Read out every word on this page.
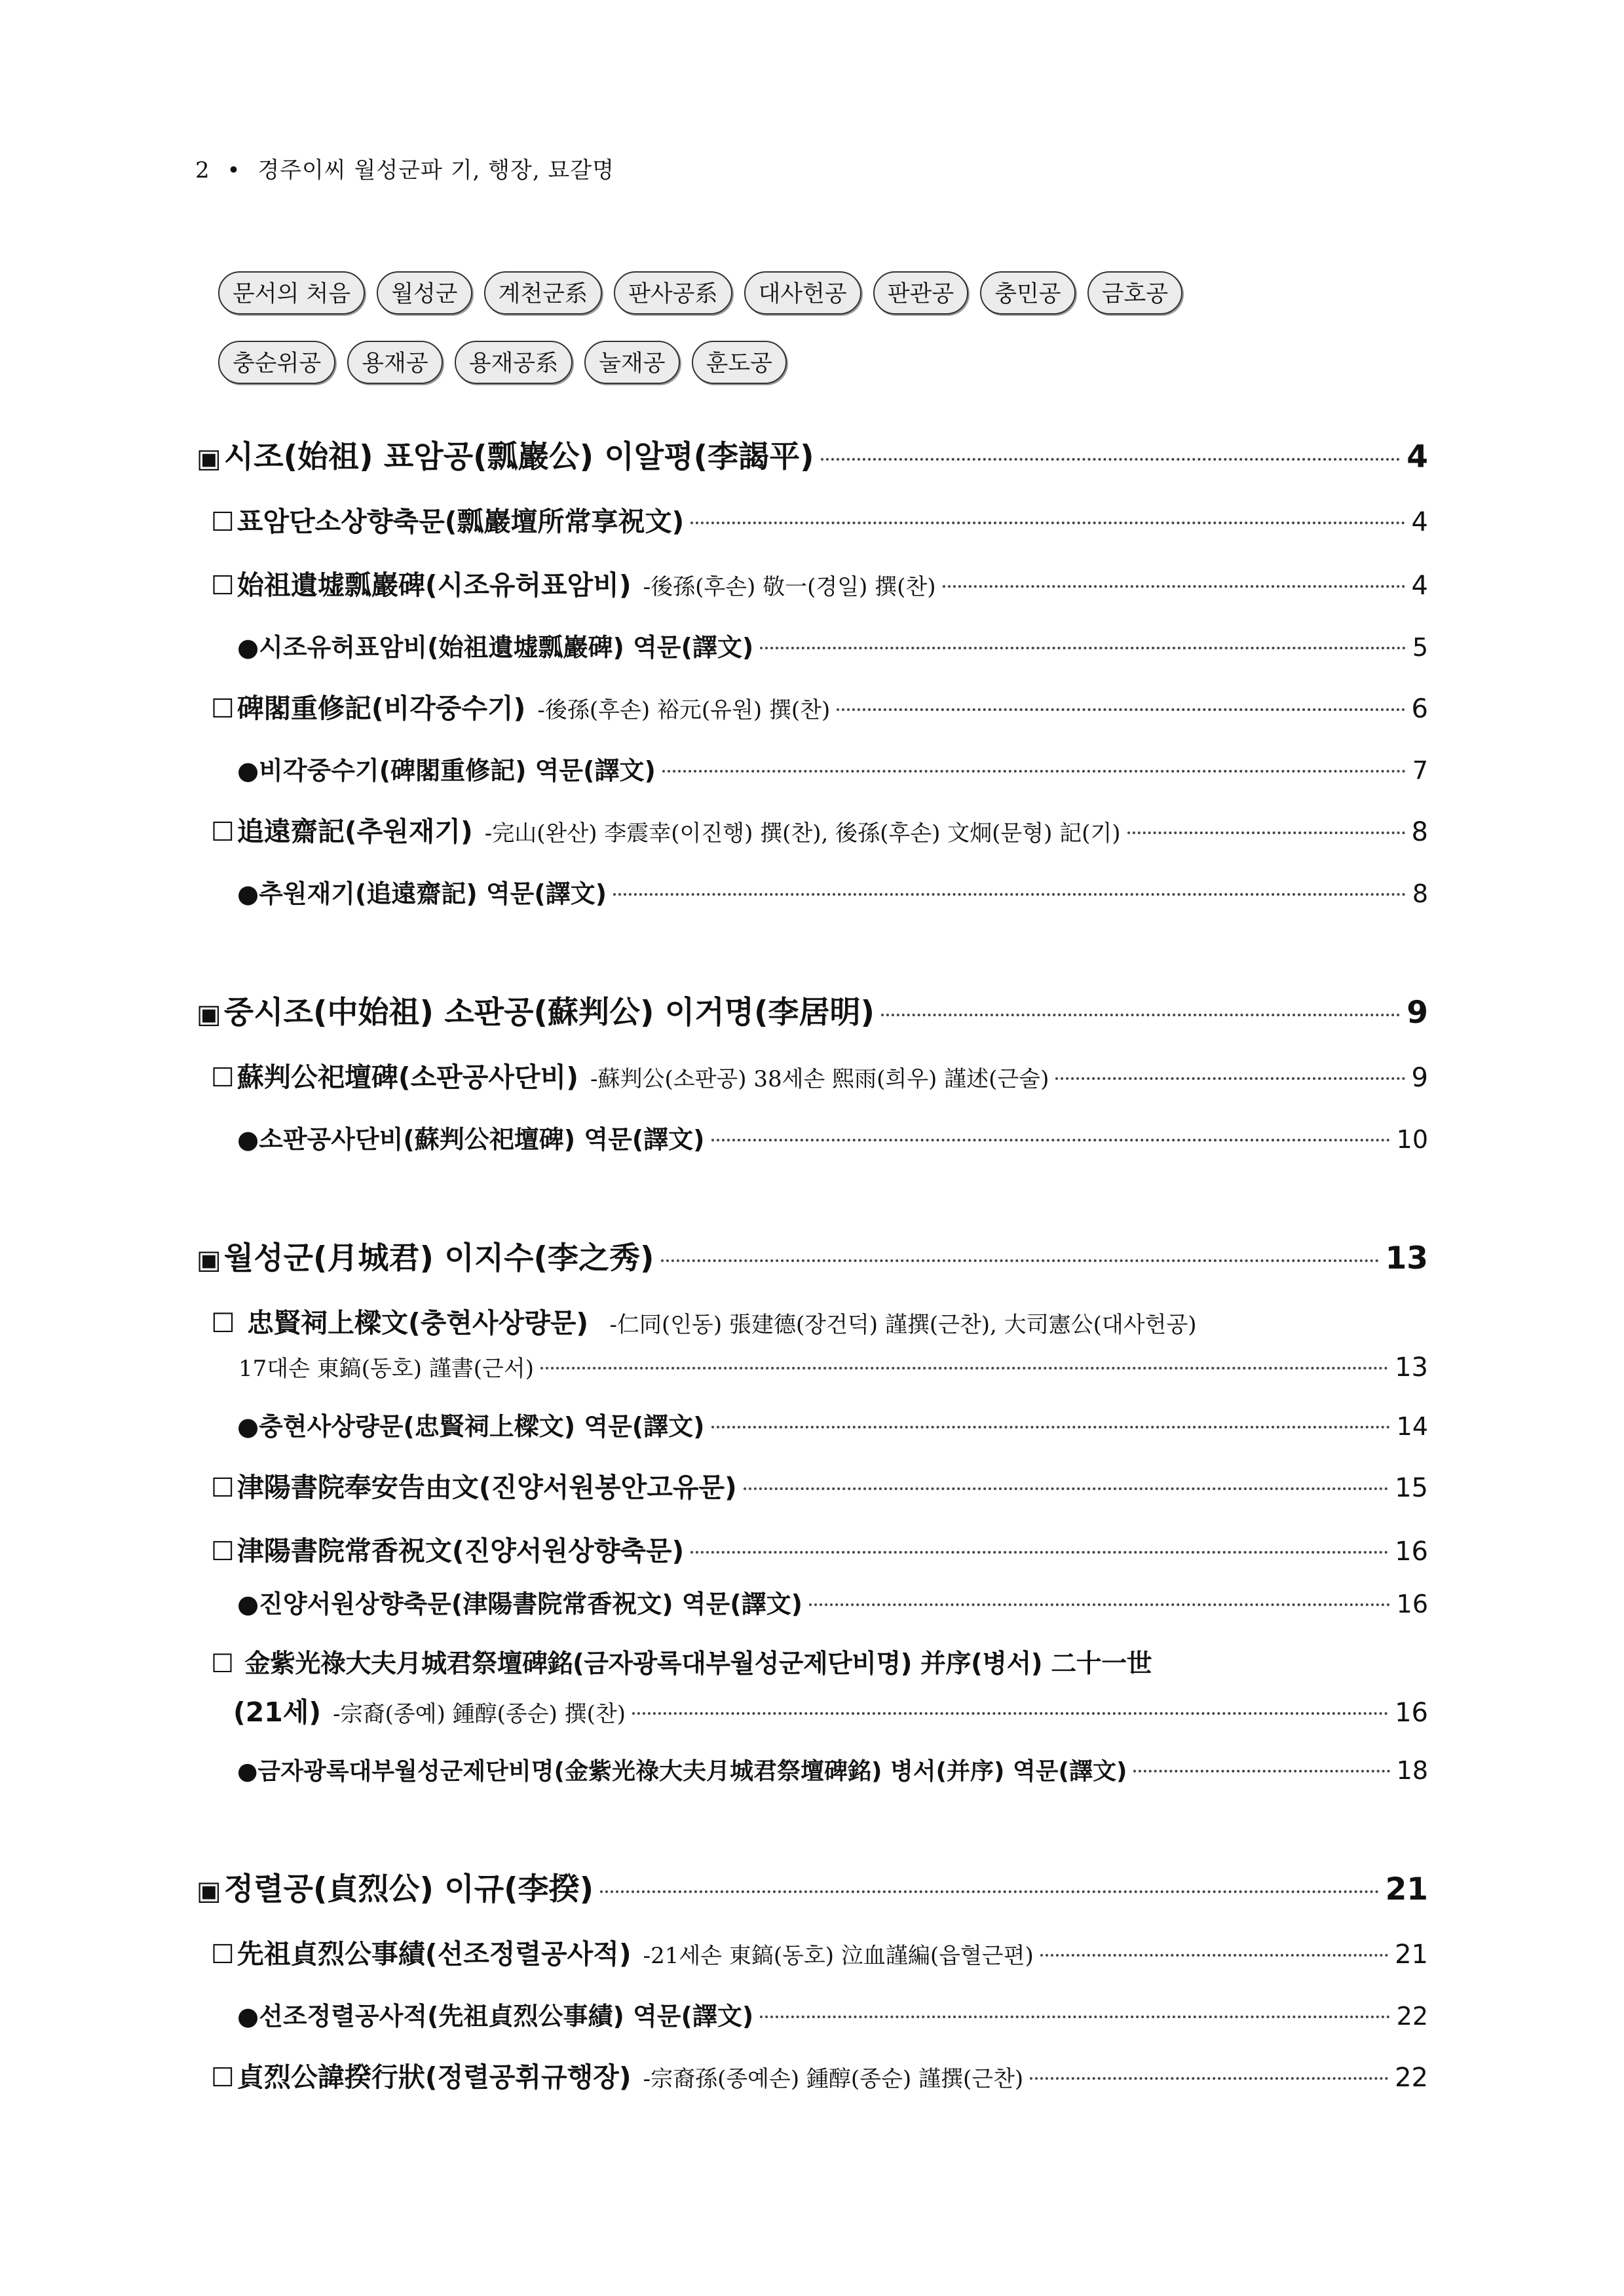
2 • 경주이씨 월성군파 기, 행장, 묘갈명
문서의 처음	월성군	계천군系	판사공系	대사헌공	판관공	충민공	금호공
충순위공	용재공	용재공系	눌재공	훈도공
▣ 시조(始祖) 표암공(瓢巖公) 이알평(李謁平)	4
☐ 표암단소상향축문(瓢巖壇所常享祝文)	4
☐ 始祖遺墟瓢巖碑(시조유허표암비) -後孫(후손) 敬一(경일) 撰(찬)	4
● 시조유허표암비(始祖遺墟瓢巖碑) 역문(譯文)	5
☐ 碑閣重修記(비각중수기) -後孫(후손) 裕元(유원) 撰(찬)	6
● 비각중수기(碑閣重修記) 역문(譯文)	7
☐ 追遠齋記(추원재기) -完山(완산) 李震幸(이진행) 撰(찬), 後孫(후손) 文炯(문형) 記(기)	8
● 추원재기(追遠齋記) 역문(譯文)	8
▣ 중시조(中始祖) 소판공(蘇判公) 이거명(李居明)	9
☐ 蘇判公祀壇碑(소판공사단비) -蘇判公(소판공) 38세손 熙雨(희우) 謹述(근술)	9
● 소판공사단비(蘇判公祀壇碑) 역문(譯文)	10
▣ 월성군(月城君) 이지수(李之秀)	13
☐ 忠賢祠上樑文(충현사상량문) -仁同(인동) 張建德(장건덕) 謹撰(근찬), 大司憲公(대사헌공)
17대손 東鎬(동호) 謹書(근서)	13
● 충현사상량문(忠賢祠上樑文) 역문(譯文)	14
☐ 津陽書院奉安告由文(진양서원봉안고유문)	15
☐ 津陽書院常香祝文(진양서원상향축문)	16
● 진양서원상향축문(津陽書院常香祝文) 역문(譯文)	16
☐ 金紫光祿大夫月城君祭壇碑銘(금자광록대부월성군제단비명) 并序(병서) 二十一世
(21세) -宗裔(종예) 鍾醇(종순) 撰(찬)	16
● 금자광록대부월성군제단비명(金紫光祿大夫月城君祭壇碑銘) 병서(并序) 역문(譯文)	18
▣ 정렬공(貞烈公) 이규(李揆)	21
☐ 先祖貞烈公事績(선조정렬공사적) -21세손 東鎬(동호) 泣血謹編(읍혈근편)	21
● 선조정렬공사적(先祖貞烈公事績) 역문(譯文)	22
☐ 貞烈公諱揆行狀(정렬공휘규행장) -宗裔孫(종예손) 鍾醇(종순) 謹撰(근찬)	22
